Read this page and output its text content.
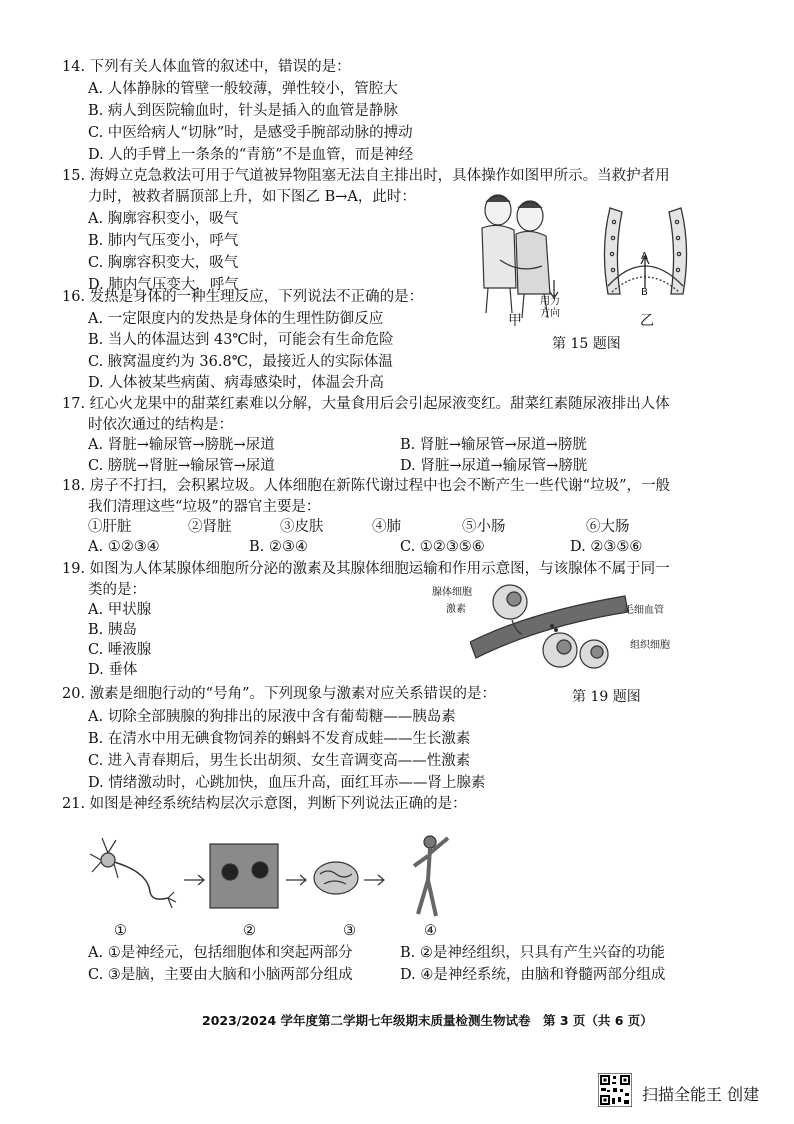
14. 下列有关人体血管的叙述中，错误的是：
A. 人体静脉的管壁一般较薄，弹性较小，管腔大
B. 病人到医院输血时，针头是插入的血管是静脉
C. 中医给病人“切脉”时，是感受手腕部动脉的搏动
D. 人的手臂上一条条的“青筋”不是血管，而是神经
15. 海姆立克急救法可用于气道被异物阻塞无法自主排出时，具体操作如图甲所示。当救护者用
力时，被救者膈顶部上升，如下图乙 B→A，此时：
A. 胸廓容积变小，吸气
B. 肺内气压变小，呼气
C. 胸廓容积变大，吸气
D. 肺内气压变大，呼气
用力
方向
甲
A
B
乙
第 15 题图
16. 发热是身体的一种生理反应，下列说法不正确的是：
A. 一定限度内的发热是身体的生理性防御反应
B. 当人的体温达到 43℃时，可能会有生命危险
C. 腋窝温度约为 36.8℃，最接近人的实际体温
D. 人体被某些病菌、病毒感染时，体温会升高
17. 红心火龙果中的甜菜红素难以分解，大量食用后会引起尿液变红。甜菜红素随尿液排出人体
时依次通过的结构是：
A. 肾脏→输尿管→膀胱→尿道	B. 肾脏→输尿管→尿道→膀胱
C. 膀胱→肾脏→输尿管→尿道	D. 肾脏→尿道→输尿管→膀胱
18. 房子不打扫，会积累垃圾。人体细胞在新陈代谢过程中也会不断产生一些代谢“垃圾”，一般
我们清理这些“垃圾”的器官主要是：
①肝脏	②肾脏	③皮肤	④肺	⑤小肠	⑥大肠
A. ①②③④	B. ②③④	C. ①②③⑤⑥	D. ②③⑤⑥
19. 如图为人体某腺体细胞所分泌的激素及其腺体细胞运输和作用示意图，与该腺体不属于同一
类的是：
A. 甲状腺
B. 胰岛
C. 唾液腺
D. 垂体
腺体细胞
激素	毛细血管
组织细胞
第 19 题图
20. 激素是细胞行动的“号角”。下列现象与激素对应关系错误的是：
A. 切除全部胰腺的狗排出的尿液中含有葡萄糖——胰岛素
B. 在清水中用无碘食物饲养的蝌蚪不发育成蛙——生长激素
C. 进入青春期后，男生长出胡须、女生音调变高——性激素
D. 情绪激动时，心跳加快，血压升高，面红耳赤——肾上腺素
21. 如图是神经系统结构层次示意图，判断下列说法正确的是：
①	②	③	④
A. ①是神经元，包括细胞体和突起两部分	B. ②是神经组织，只具有产生兴奋的功能
C. ③是脑，主要由大脑和小脑两部分组成	D. ④是神经系统，由脑和脊髓两部分组成
2023/2024 学年度第二学期七年级期末质量检测生物试卷　第 3 页（共 6 页）
扫描全能王 创建
